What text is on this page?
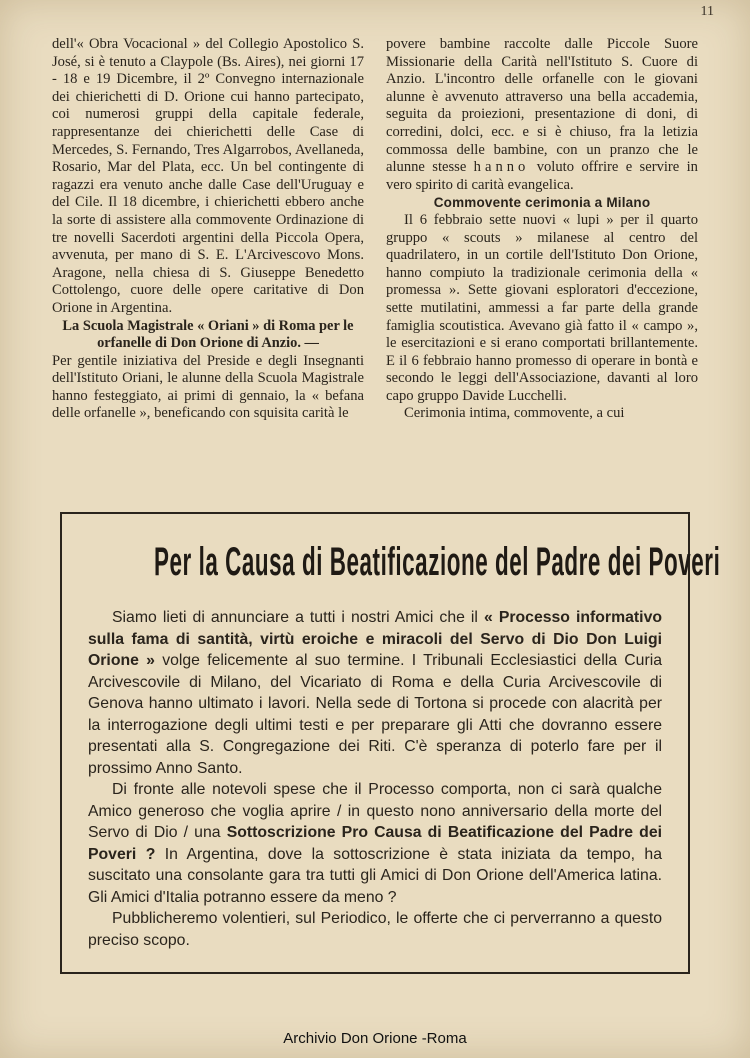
11

dell'« Obra Vocacional » del Collegio Apostolico S. José, si è tenuto a Claypole (Bs. Aires), nei giorni 17 - 18 e 19 Dicembre, il 2º Convegno internazionale dei chierichetti di D. Orione cui hanno partecipato, coi numerosi gruppi della capitale federale, rappresentanze dei chierichetti delle Case di Mercedes, S. Fernando, Tres Algarrobos, Avellaneda, Rosario, Mar del Plata, ecc. Un bel contingente di ragazzi era venuto anche dalle Case dell'Uruguay e del Cile. Il 18 dicembre, i chierichetti ebbero anche la sorte di assistere alla commovente Ordinazione di tre novelli Sacerdoti argentini della Piccola Opera, avvenuta, per mano di S. E. L'Arcivescovo Mons. Aragone, nella chiesa di S. Giuseppe Benedetto Cottolengo, cuore delle opere caritative di Don Orione in Argentina.

La Scuola Magistrale « Oriani » di Roma per le orfanelle di Don Orione di Anzio. —

Per gentile iniziativa del Preside e degli Insegnanti dell'Istituto Oriani, le alunne della Scuola Magistrale hanno festeggiato, ai primi di gennaio, la « befana delle orfanelle », beneficando con squisita carità le

povere bambine raccolte dalle Piccole Suore Missionarie della Carità nell'Istituto S. Cuore di Anzio. L'incontro delle orfanelle con le giovani alunne è avvenuto attraverso una bella accademia, seguita da proiezioni, presentazione di doni, di corredini, dolci, ecc. e si è chiuso, fra la letizia commossa delle bambine, con un pranzo che le alunne stesse hanno voluto offrire e servire in vero spirito di carità evangelica.

Commovente cerimonia a Milano

Il 6 febbraio sette nuovi « lupi » per il quarto gruppo « scouts » milanese al centro del quadrilatero, in un cortile dell'Istituto Don Orione, hanno compiuto la tradizionale cerimonia della « promessa ». Sette giovani esploratori d'eccezione, sette mutilatini, ammessi a far parte della grande famiglia scoutistica. Avevano già fatto il « campo », le esercitazioni e si erano comportati brillantemente. E il 6 febbraio hanno promesso di operare in bontà e secondo le leggi dell'Associazione, davanti al loro capo gruppo Davide Lucchelli.

Cerimonia intima, commovente, a cui

Per la Causa di Beatificazione del Padre dei Poveri

Siamo lieti di annunciare a tutti i nostri Amici che il « Processo informativo sulla fama di santità, virtù eroiche e miracoli del Servo di Dio Don Luigi Orione » volge felicemente al suo termine. I Tribunali Ecclesiastici della Curia Arcivescovile di Milano, del Vicariato di Roma e della Curia Arcivescovile di Genova hanno ultimato i lavori. Nella sede di Tortona si procede con alacrità per la interrogazione degli ultimi testi e per preparare gli Atti che dovranno essere presentati alla S. Congregazione dei Riti. C'è speranza di poterlo fare per il prossimo Anno Santo.

Di fronte alle notevoli spese che il Processo comporta, non ci sarà qualche Amico generoso che voglia aprire / in questo nono anniversario della morte del Servo di Dio / una Sottoscrizione Pro Causa di Beatificazione del Padre dei Poveri ? In Argentina, dove la sottoscrizione è stata iniziata da tempo, ha suscitato una consolante gara tra tutti gli Amici di Don Orione dell'America latina. Gli Amici d'Italia potranno essere da meno ?

Pubblicheremo volentieri, sul Periodico, le offerte che ci perverranno a questo preciso scopo.

Archivio Don Orione -Roma
